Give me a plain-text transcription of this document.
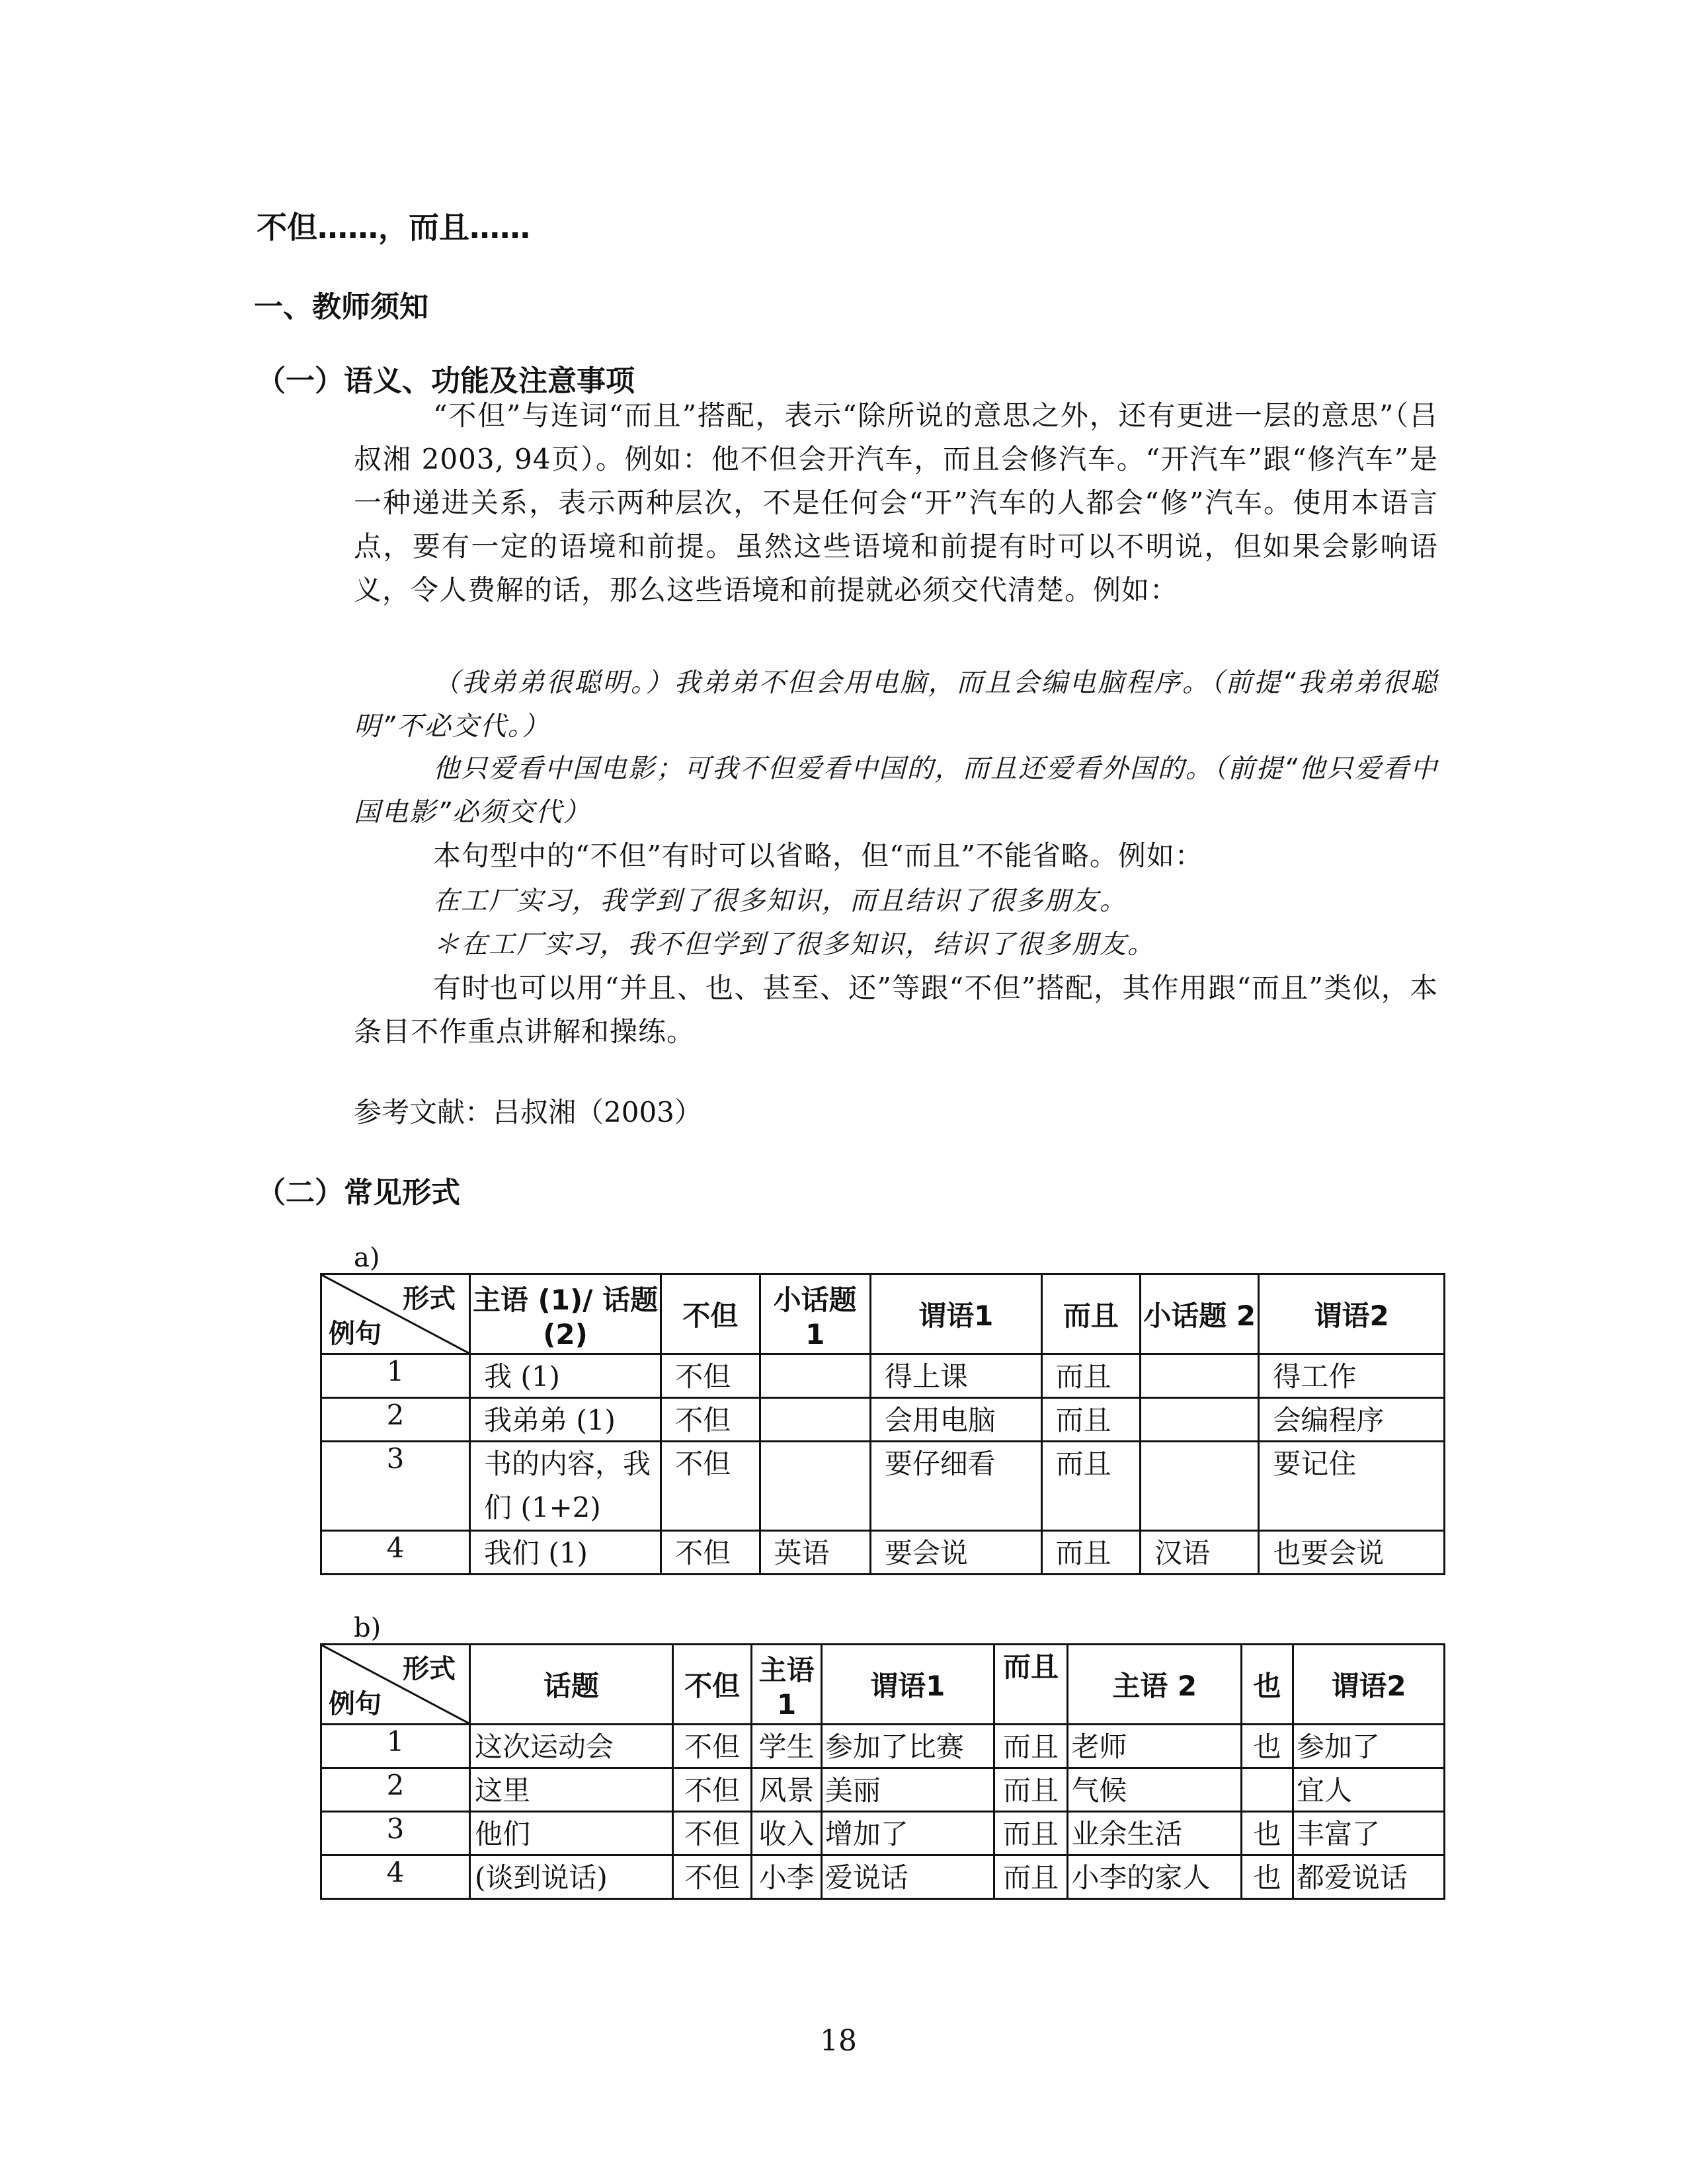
不但……，而且……
一、教师须知
（一）语义、功能及注意事项
“不但”与连词“而且”搭配，表示“除所说的意思之外，还有更进一层的意思”（吕叔湘 2003, 94页）。例如：他不但会开汽车，而且会修汽车。“开汽车”跟“修汽车”是一种递进关系，表示两种层次，不是任何会“开”汽车的人都会“修”汽车。使用本语言点，要有一定的语境和前提。虽然这些语境和前提有时可以不明说，但如果会影响语义，令人费解的话，那么这些语境和前提就必须交代清楚。例如：
（我弟弟很聪明。）我弟弟不但会用电脑，而且会编电脑程序。（前提“我弟弟很聪明”不必交代。）
他只爱看中国电影；可我不但爱看中国的，而且还爱看外国的。（前提“他只爱看中国电影”必须交代）
本句型中的“不但”有时可以省略，但“而且”不能省略。例如：
在工厂实习，我学到了很多知识，而且结识了很多朋友。
＊在工厂实习，我不但学到了很多知识，结识了很多朋友。
有时也可以用“并且、也、甚至、还”等跟“不但”搭配，其作用跟“而且”类似，本条目不作重点讲解和操练。
参考文献：吕叔湘（2003）
（二）常见形式
a)
形式
例句	主语 (1)/ 话题 (2)	不但	小话题 1	谓语1	而且	小话题 2	谓语2
1	我 (1)	不但		得上课	而且		得工作
2	我弟弟 (1)	不但		会用电脑	而且		会编程序
3	书的内容，我们 (1+2)	不但		要仔细看	而且		要记住
4	我们 (1)	不但	英语	要会说	而且	汉语	也要会说
b)
形式
例句	话题	不但	主语 1	谓语1	而且	主语 2	也	谓语2
1	这次运动会	不但	学生	参加了比赛	而且	老师	也	参加了
2	这里	不但	风景	美丽	而且	气候		宜人
3	他们	不但	收入	增加了	而且	业余生活	也	丰富了
4	(谈到说话)	不但	小李	爱说话	而且	小李的家人	也	都爱说话
18
